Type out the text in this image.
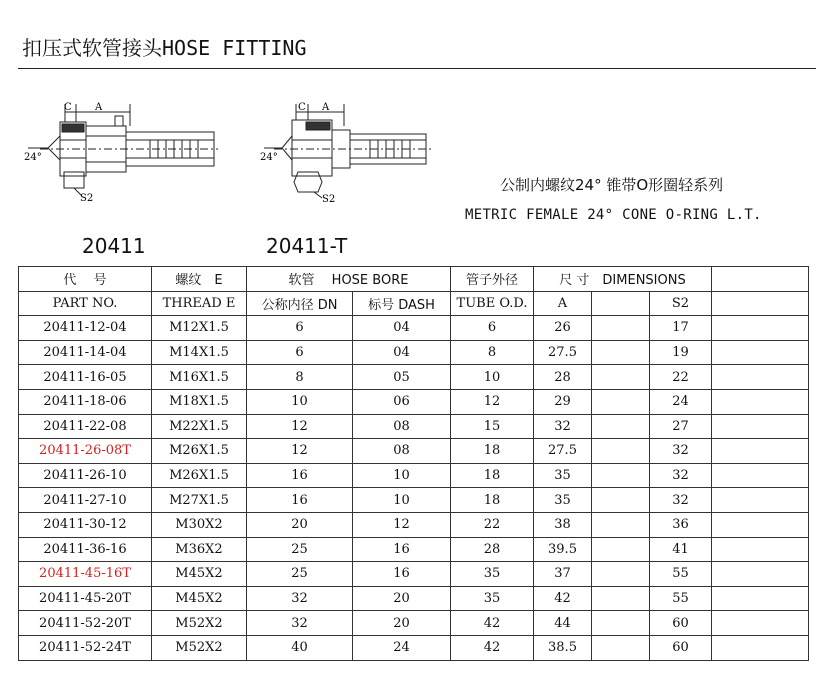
扣压式软管接头HOSE FITTING
C A
24°
S2
C A
24°
S2
20411	20411-T
公制内螺纹24° 锥带O形圈轻系列
METRIC FEMALE 24° CONE O-RING L.T.
代　 号	螺纹　E	软管　 HOSE BORE		管子外径	尺 寸　DIMENSIONS			
PART NO.	THREAD E	公称内径 DN	标号 DASH	TUBE O.D.	A		S2	
20411-12-04	M12X1.5	6	04	6	26		17	
20411-14-04	M14X1.5	6	04	8	27.5		19	
20411-16-05	M16X1.5	8	05	10	28		22	
20411-18-06	M18X1.5	10	06	12	29		24	
20411-22-08	M22X1.5	12	08	15	32		27	
20411-26-08T	M26X1.5	12	08	18	27.5		32	
20411-26-10	M26X1.5	16	10	18	35		32	
20411-27-10	M27X1.5	16	10	18	35		32	
20411-30-12	M30X2	20	12	22	38		36	
20411-36-16	M36X2	25	16	28	39.5		41	
20411-45-16T	M45X2	25	16	35	37		55	
20411-45-20T	M45X2	32	20	35	42		55	
20411-52-20T	M52X2	32	20	42	44		60	
20411-52-24T	M52X2	40	24	42	38.5		60	
